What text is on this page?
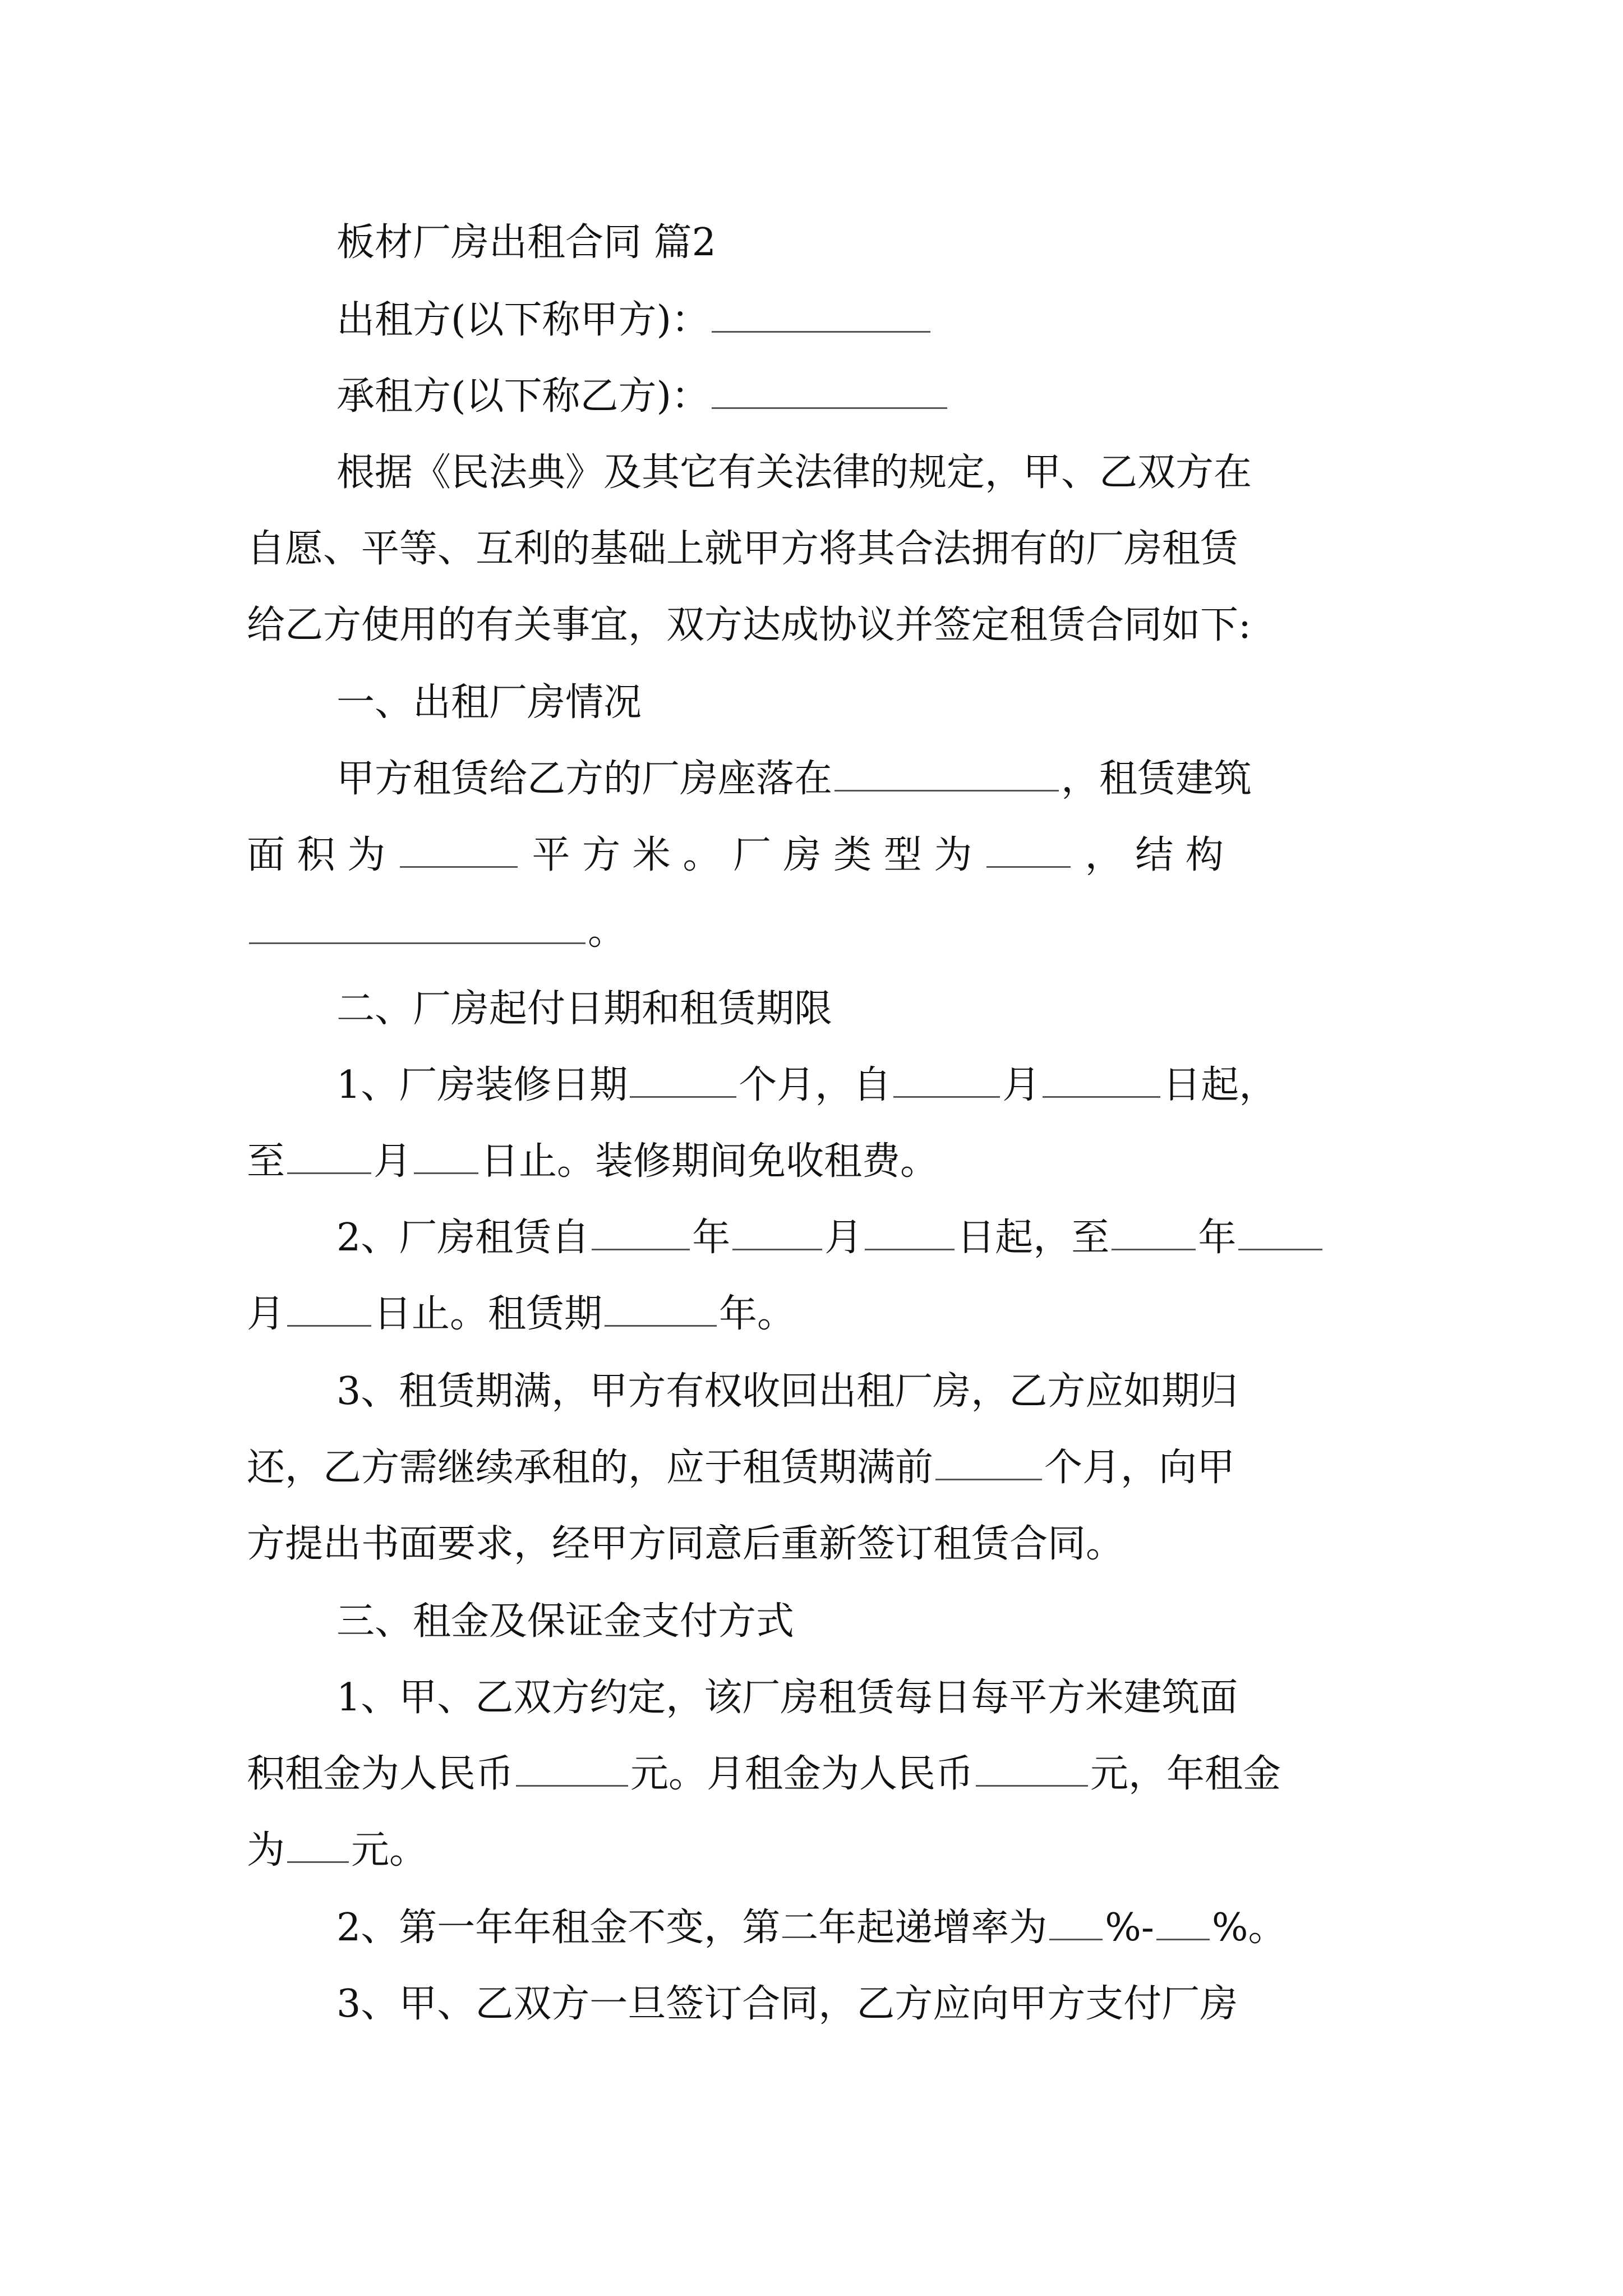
板材厂房出租合同 篇2
出租方(以下称甲方)：
承租方(以下称乙方)：
根据《民法典》及其它有关法律的规定，甲、乙双方在
自愿、平等、互利的基础上就甲方将其合法拥有的厂房租赁
给乙方使用的有关事宜，双方达成协议并签定租赁合同如下:
一、出租厂房情况
甲方租赁给乙方的厂房座落在	，租赁建筑
面 积 为	平 方 米 。 厂 房 类 型 为	， 结 构
。
二、厂房起付日期和租赁期限
1、厂房装修日期	个月，自	月	日起，
至 月 日止。装修期间免收租费。
2、厂房租赁自	年 月 日起，至 年
月 日止。租赁期	年。
3、租赁期满，甲方有权收回出租厂房，乙方应如期归
还，乙方需继续承租的，应于租赁期满前	个月，向甲
方提出书面要求，经甲方同意后重新签订租赁合同。
三、租金及保证金支付方式
1、甲、乙双方约定，该厂房租赁每日每平方米建筑面
积租金为人民币	元。月租金为人民币	元，年租金
为 元。
2、第一年年租金不变，第二年起递增率为 %- %。
3、甲、乙双方一旦签订合同，乙方应向甲方支付厂房
